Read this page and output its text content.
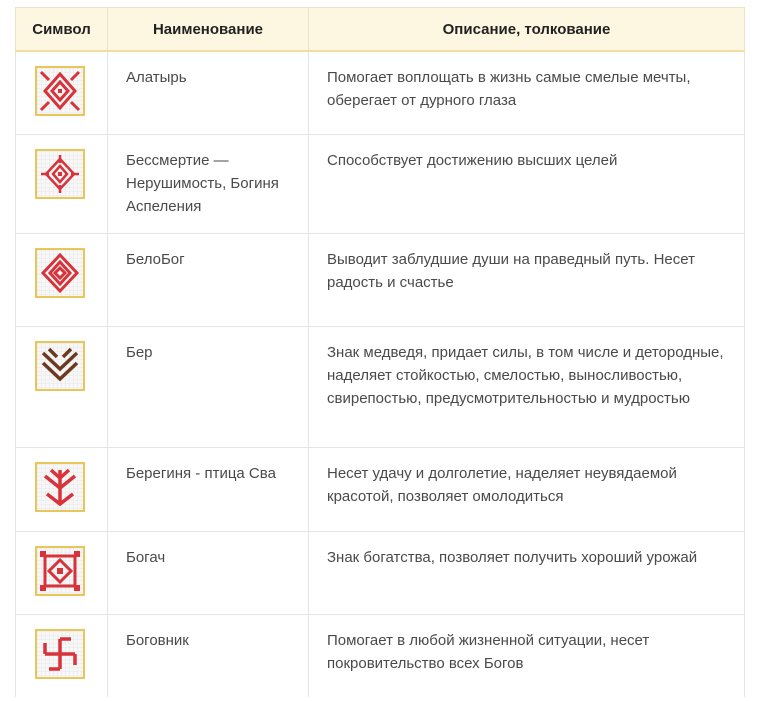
Символ	Наименование	Описание, толкование

	Алатырь	Помогает воплощать в жизнь самые смелые мечты, оберегает от дурного глаза

	Бессмертие — Нерушимость, Богиня Аспеления	Способствует достижению высших целей

	БелоБог	Выводит заблудшие души на праведный путь. Несет радость и счастье

	Бер	Знак медведя, придает силы, в том числе и детородные, наделяет стойкостью, смелостью, выносливостью, свирепостью, предусмотрительностью и мудростью

	Берегиня - птица Сва	Несет удачу и долголетие, наделяет неувядаемой красотой, позволяет омолодиться

	Богач	Знак богатства, позволяет получить хороший урожай

	Боговник	Помогает в любой жизненной ситуации, несет покровительство всех Богов
